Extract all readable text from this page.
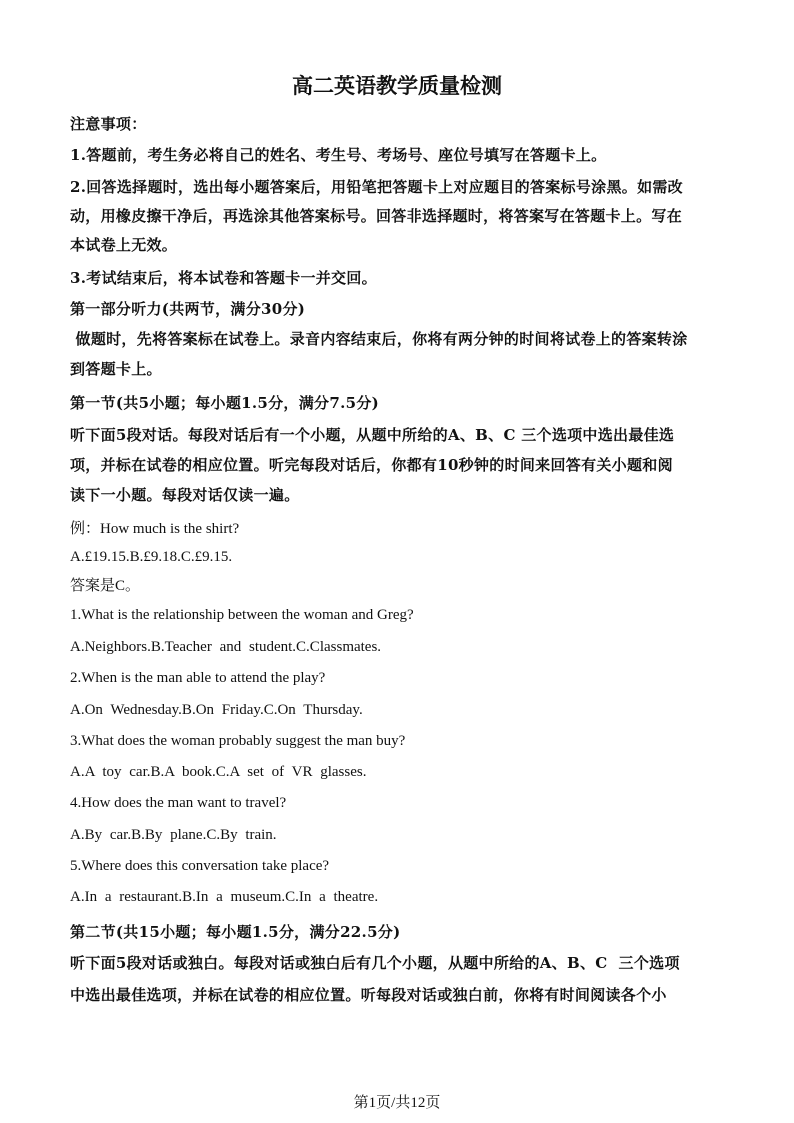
高二英语教学质量检测
注意事项：
1.答题前，考生务必将自己的姓名、考生号、考场号、座位号填写在答题卡上。
2.回答选择题时，选出每小题答案后，用铅笔把答题卡上对应题目的答案标号涂黑。如需改
动，用橡皮擦干净后，再选涂其他答案标号。回答非选择题时，将答案写在答题卡上。写在
本试卷上无效。
3.考试结束后，将本试卷和答题卡一并交回。
第一部分听力(共两节，满分30分)
做题时，先将答案标在试卷上。录音内容结束后，你将有两分钟的时间将试卷上的答案转涂
到答题卡上。
第一节(共5小题；每小题1.5分，满分7.5分)
听下面5段对话。每段对话后有一个小题，从题中所给的A、B、C 三个选项中选出最佳选
项，并标在试卷的相应位置。听完每段对话后，你都有10秒钟的时间来回答有关小题和阅
读下一小题。每段对话仅读一遍。
例：How much is the shirt?
A.£19.15.B.£9.18.C.£9.15.
答案是C。
1.What is the relationship between the woman and Greg?
A.Neighbors.B.Teacher and student.C.Classmates.
2.When is the man able to attend the play?
A.On Wednesday.B.On Friday.C.On Thursday.
3.What does the woman probably suggest the man buy?
A.A toy car.B.A book.C.A set of VR glasses.
4.How does the man want to travel?
A.By car.B.By plane.C.By train.
5.Where does this conversation take place?
A.In a restaurant.B.In a museum.C.In a theatre.
第二节(共15小题；每小题1.5分，满分22.5分)
听下面5段对话或独白。每段对话或独白后有几个小题，从题中所给的A、B、C  三个选项
中选出最佳选项，并标在试卷的相应位置。听每段对话或独白前，你将有时间阅读各个小
第1页/共12页
